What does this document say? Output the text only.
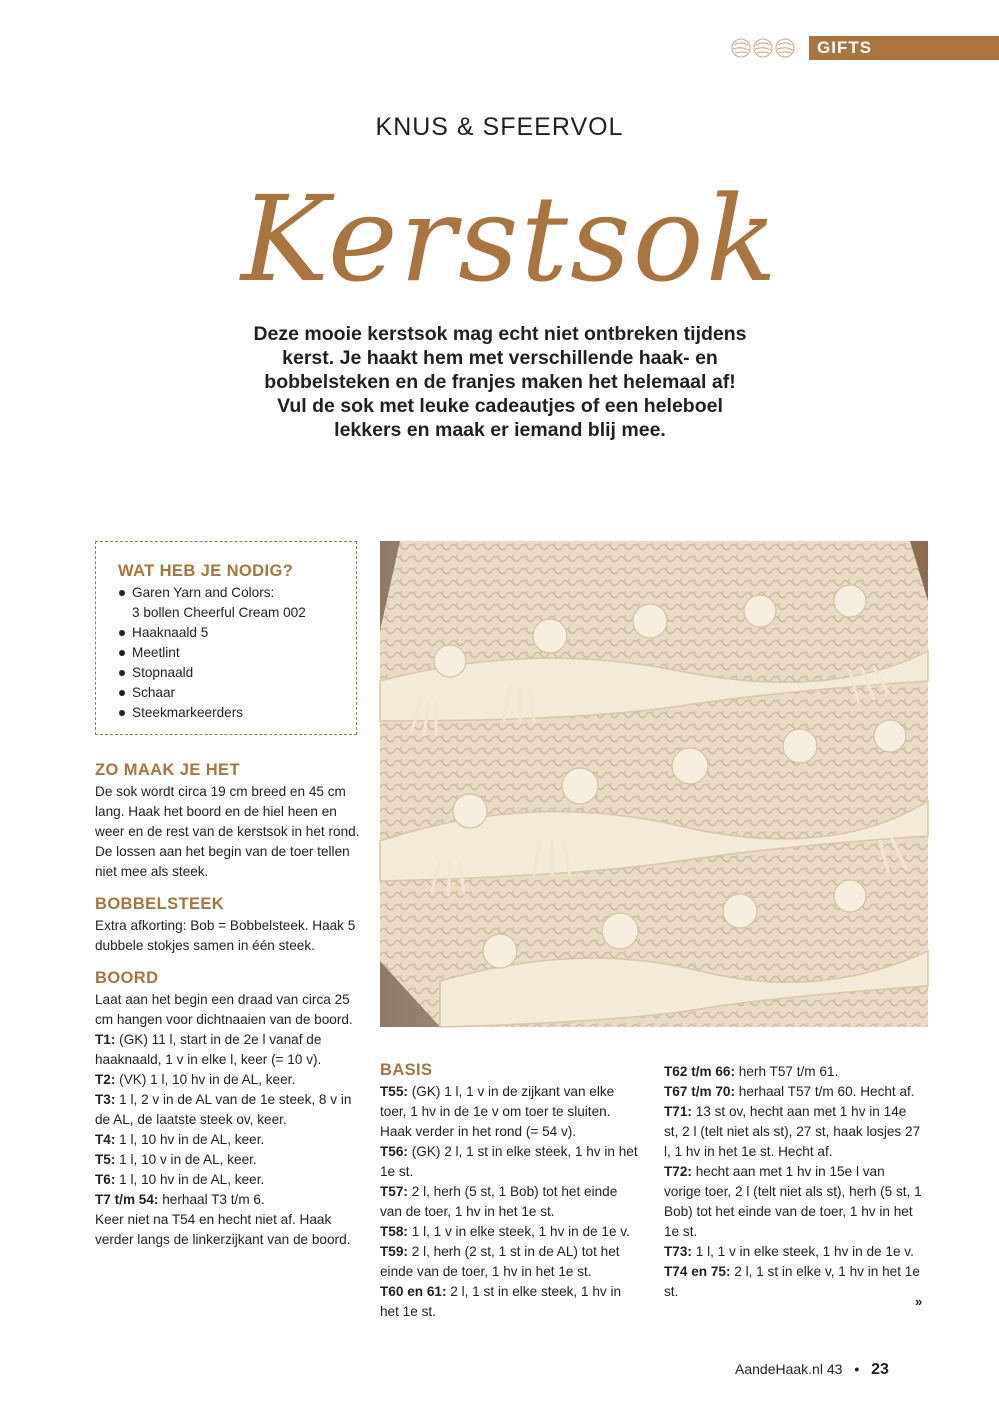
GIFTS
KNUS & SFEERVOL
Kerstsok
Deze mooie kerstsok mag echt niet ontbreken tijdens
kerst. Je haakt hem met verschillende haak- en
bobbelsteken en de franjes maken het helemaal af!
Vul de sok met leuke cadeautjes of een heleboel
lekkers en maak er iemand blij mee.
WAT HEB JE NODIG?
Garen Yarn and Colors:
3 bollen Cheerful Cream 002
Haaknaald 5
Meetlint
Stopnaald
Schaar
Steekmarkeerders
ZO MAAK JE HET

De sok wordt circa 19 cm breed en 45 cm lang. Haak het boord en de hiel heen en weer en de rest van de kerstsok in het rond. De lossen aan het begin van de toer tellen niet mee als steek.

BOBBELSTEEK

Extra afkorting: Bob = Bobbelsteek. Haak 5 dubbele stokjes samen in één steek.

BOORD

Laat aan het begin een draad van circa 25 cm hangen voor dichtnaaien van de boord.

T1: (GK) 11 l, start in de 2e l vanaf de haaknaald, 1 v in elke l, keer (= 10 v).

T2: (VK) 1 l, 10 hv in de AL, keer.

T3: 1 l, 2 v in de AL van de 1e steek, 8 v in de AL, de laatste steek ov, keer.

T4: 1 l, 10 hv in de AL, keer.

T5: 1 l, 10 v in de AL, keer.

T6: 1 l, 10 hv in de AL, keer.

T7 t/m 54: herhaal T3 t/m 6.

Keer niet na T54 en hecht niet af. Haak verder langs de linkerzijkant van de boord.

BASIS

T55: (GK) 1 l, 1 v in de zijkant van elke toer, 1 hv in de 1e v om toer te sluiten. Haak verder in het rond (= 54 v).

T56: (GK) 2 l, 1 st in elke steek, 1 hv in het 1e st.

T57: 2 l, herh (5 st, 1 Bob) tot het einde van de toer, 1 hv in het 1e st.

T58: 1 l, 1 v in elke steek, 1 hv in de 1e v.

T59: 2 l, herh (2 st, 1 st in de AL) tot het einde van de toer, 1 hv in het 1e st.

T60 en 61: 2 l, 1 st in elke steek, 1 hv in het 1e st.

T62 t/m 66: herh T57 t/m 61.

T67 t/m 70: herhaal T57 t/m 60. Hecht af.

T71: 13 st ov, hecht aan met 1 hv in 14e st, 2 l (telt niet als st), 27 st, haak losjes 27 l, 1 hv in het 1e st. Hecht af.

T72: hecht aan met 1 hv in 15e l van vorige toer, 2 l (telt niet als st), herh (5 st, 1 Bob) tot het einde van de toer, 1 hv in het 1e st.

T73: 1 l, 1 v in elke steek, 1 hv in de 1e v.

T74 en 75: 2 l, 1 st in elke v, 1 hv in het 1e st.

»
AandeHaak.nl 43 • 23
